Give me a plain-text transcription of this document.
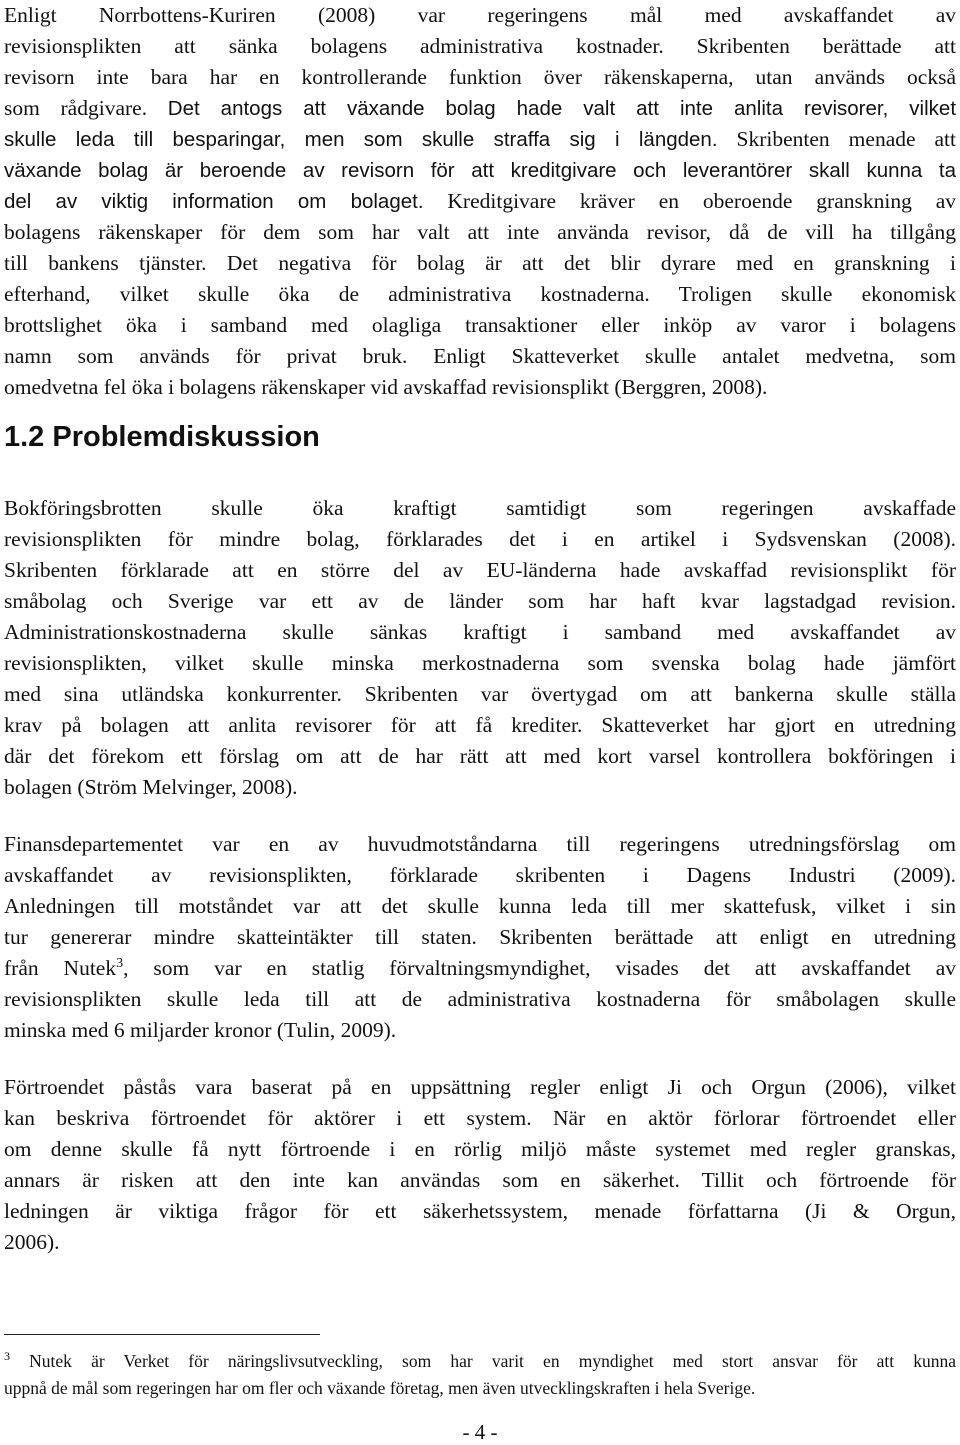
Enligt Norrbottens-Kuriren (2008) var regeringens mål med avskaffandet av
revisionsplikten att sänka bolagens administrativa kostnader. Skribenten berättade att
revisorn inte bara har en kontrollerande funktion över räkenskaperna, utan används också
som rådgivare. Det antogs att växande bolag hade valt att inte anlita revisorer, vilket
skulle leda till besparingar, men som skulle straffa sig i längden. Skribenten menade att
växande bolag är beroende av revisorn för att kreditgivare och leverantörer skall kunna ta
del av viktig information om bolaget. Kreditgivare kräver en oberoende granskning av
bolagens räkenskaper för dem som har valt att inte använda revisor, då de vill ha tillgång
till bankens tjänster. Det negativa för bolag är att det blir dyrare med en granskning i
efterhand, vilket skulle öka de administrativa kostnaderna. Troligen skulle ekonomisk
brottslighet öka i samband med olagliga transaktioner eller inköp av varor i bolagens
namn som används för privat bruk. Enligt Skatteverket skulle antalet medvetna, som
omedvetna fel öka i bolagens räkenskaper vid avskaffad revisionsplikt (Berggren, 2008).
1.2 Problemdiskussion
Bokföringsbrotten skulle öka kraftigt samtidigt som regeringen avskaffade
revisionsplikten för mindre bolag, förklarades det i en artikel i Sydsvenskan (2008).
Skribenten förklarade att en större del av EU-länderna hade avskaffad revisionsplikt för
småbolag och Sverige var ett av de länder som har haft kvar lagstadgad revision.
Administrationskostnaderna skulle sänkas kraftigt i samband med avskaffandet av
revisionsplikten, vilket skulle minska merkostnaderna som svenska bolag hade jämfört
med sina utländska konkurrenter. Skribenten var övertygad om att bankerna skulle ställa
krav på bolagen att anlita revisorer för att få krediter. Skatteverket har gjort en utredning
där det förekom ett förslag om att de har rätt att med kort varsel kontrollera bokföringen i
bolagen (Ström Melvinger, 2008).
Finansdepartementet var en av huvudmotståndarna till regeringens utredningsförslag om
avskaffandet av revisionsplikten, förklarade skribenten i Dagens Industri (2009).
Anledningen till motståndet var att det skulle kunna leda till mer skattefusk, vilket i sin
tur genererar mindre skatteintäkter till staten. Skribenten berättade att enligt en utredning
från Nutek$^3$, som var en statlig förvaltningsmyndighet, visades det att avskaffandet av
revisionsplikten skulle leda till att de administrativa kostnaderna för småbolagen skulle
minska med 6 miljarder kronor (Tulin, 2009).
Förtroendet påstås vara baserat på en uppsättning regler enligt Ji och Orgun (2006), vilket
kan beskriva förtroendet för aktörer i ett system. När en aktör förlorar förtroendet eller
om denne skulle få nytt förtroende i en rörlig miljö måste systemet med regler granskas,
annars är risken att den inte kan användas som en säkerhet. Tillit och förtroende för
ledningen är viktiga frågor för ett säkerhetssystem, menade författarna (Ji & Orgun,
2006).
$^3$ Nutek är Verket för näringslivsutveckling, som har varit en myndighet med stort ansvar för att kunna
uppnå de mål som regeringen har om fler och växande företag, men även utvecklingskraften i hela Sverige.
- 4 -
